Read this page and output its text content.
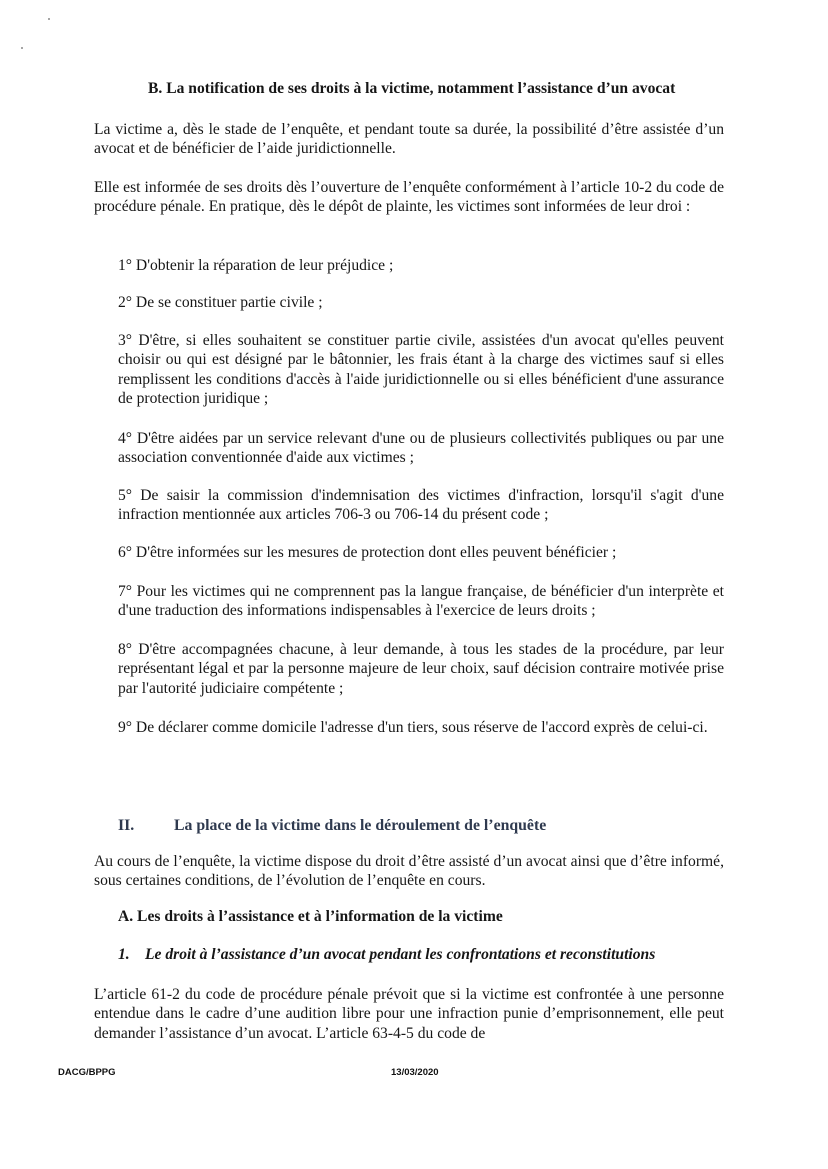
B. La notification de ses droits à la victime, notamment l’assistance d’un avocat

La victime a, dès le stade de l’enquête, et pendant toute sa durée, la possibilité d’être assistée d’un avocat et de bénéficier de l’aide juridictionnelle.

Elle est informée de ses droits dès l’ouverture de l’enquête conformément à l’article 10-2 du code de procédure pénale. En pratique, dès le dépôt de plainte, les victimes sont informées de leur droi :

1° D'obtenir la réparation de leur préjudice ;

2° De se constituer partie civile ;

3° D'être, si elles souhaitent se constituer partie civile, assistées d'un avocat qu'elles peuvent choisir ou qui est désigné par le bâtonnier, les frais étant à la charge des victimes sauf si elles remplissent les conditions d'accès à l'aide juridictionnelle ou si elles bénéficient d'une assurance de protection juridique ;

4° D'être aidées par un service relevant d'une ou de plusieurs collectivités publiques ou par une association conventionnée d'aide aux victimes ;

5° De saisir la commission d'indemnisation des victimes d'infraction, lorsqu'il s'agit d'une infraction mentionnée aux articles 706-3 ou 706-14 du présent code ;

6° D'être informées sur les mesures de protection dont elles peuvent bénéficier ;

7° Pour les victimes qui ne comprennent pas la langue française, de bénéficier d'un interprète et d'une traduction des informations indispensables à l'exercice de leurs droits ;

8° D'être accompagnées chacune, à leur demande, à tous les stades de la procédure, par leur représentant légal et par la personne majeure de leur choix, sauf décision contraire motivée prise par l'autorité judiciaire compétente ;

9° De déclarer comme domicile l'adresse d'un tiers, sous réserve de l'accord exprès de celui-ci.

II.	La place de la victime dans le déroulement de l’enquête

Au cours de l’enquête, la victime dispose du droit d’être assisté d’un avocat ainsi que d’être informé, sous certaines conditions, de l’évolution de l’enquête en cours.

A. Les droits à l’assistance et à l’information de la victime
1. Le droit à l’assistance d’un avocat pendant les confrontations et reconstitutions

L’article 61-2 du code de procédure pénale prévoit que si la victime est confrontée à une personne entendue dans le cadre d’une audition libre pour une infraction punie d’emprisonnement, elle peut demander l’assistance d’un avocat. L’article 63-4-5 du code de

DACG/BPPG	13/03/2020
